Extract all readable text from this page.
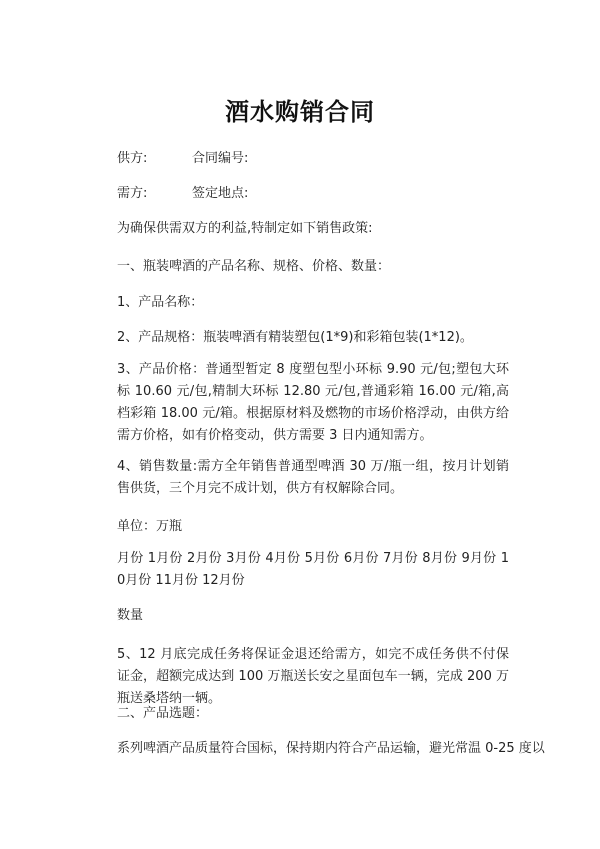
酒水购销合同
供方:	合同编号:
需方:	签定地点:
为确保供需双方的利益,特制定如下销售政策:
一、瓶装啤酒的产品名称、规格、价格、数量：
1、产品名称：
2、产品规格：瓶装啤酒有精装塑包(1*9)和彩箱包装(1*12)。
3、产品价格：普通型暂定 8 度塑包型小环标 9.90 元/包;塑包大环标 10.60 元/包,精制大环标 12.80 元/包,普通彩箱 16.00 元/箱,高档彩箱 18.00 元/箱。根据原材料及燃物的市场价格浮动，由供方给需方价格，如有价格变动，供方需要 3 日内通知需方。
4、销售数量:需方全年销售普通型啤酒 30 万/瓶一组，按月计划销售供货，三个月完不成计划，供方有权解除合同。
单位：万瓶
月份 1月份 2月份 3月份 4月份 5月份 6月份 7月份 8月份 9月份 10月份 11月份 12月份
数量
5、12 月底完成任务将保证金退还给需方，如完不成任务供不付保证金，超额完成达到 100 万瓶送长安之星面包车一辆，完成 200 万瓶送桑塔纳一辆。
二、产品选题：
系列啤酒产品质量符合国标，保持期内符合产品运输，避光常温 0-25 度以
